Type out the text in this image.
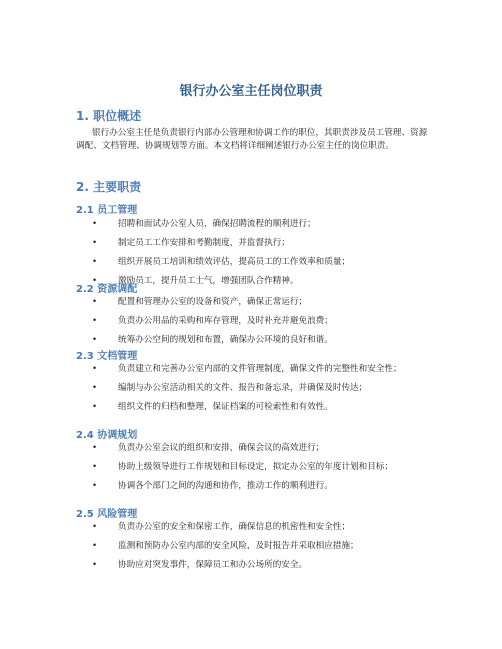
银行办公室主任岗位职责
1. 职位概述

银行办公室主任是负责银行内部办公管理和协调工作的职位，其职责涉及员工管理、资源调配、文档管理、协调规划等方面。本文档将详细阐述银行办公室主任的岗位职责。

2. 主要职责
2.1 员工管理
• 招聘和面试办公室人员，确保招聘流程的顺利进行；
• 制定员工工作安排和考勤制度，并监督执行；
• 组织开展员工培训和绩效评估，提高员工的工作效率和质量；
• 激励员工，提升员工士气，增强团队合作精神。
2.2 资源调配
• 配置和管理办公室的设备和资产，确保正常运行；
• 负责办公用品的采购和库存管理，及时补充并避免浪费；
• 统筹办公空间的规划和布置，确保办公环境的良好和谐。
2.3 文档管理
• 负责建立和完善办公室内部的文件管理制度，确保文件的完整性和安全性；
• 编制与办公室活动相关的文件、报告和备忘录，并确保及时传达；
• 组织文件的归档和整理，保证档案的可检索性和有效性。
2.4 协调规划
• 负责办公室会议的组织和安排，确保会议的高效进行；
• 协助上级领导进行工作规划和目标设定，拟定办公室的年度计划和目标；
• 协调各个部门之间的沟通和协作，推动工作的顺利进行。
2.5 风险管理
• 负责办公室的安全和保密工作，确保信息的机密性和安全性；
• 监测和预防办公室内部的安全风险，及时报告并采取相应措施；
• 协助应对突发事件，保障员工和办公场所的安全。
